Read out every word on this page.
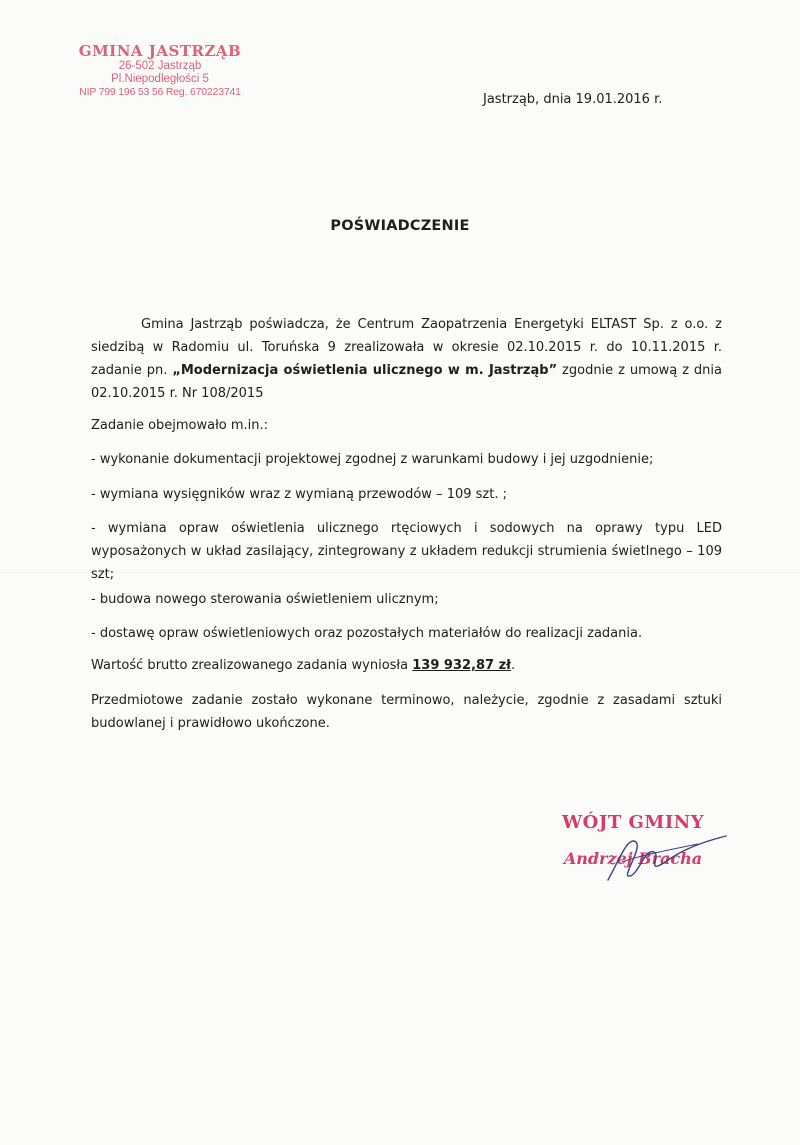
GMINA JASTRZĄB
26-502 Jastrząb
Pl.Niepodległości 5
NIP 799 196 53 56 Reg. 670223741	Jastrząb, dnia 19.01.2016 r.
POŚWIADCZENIE
Gmina Jastrząb poświadcza, że Centrum Zaopatrzenia Energetyki ELTAST Sp. z o.o. z siedzibą w Radomiu ul. Toruńska 9 zrealizowała w okresie 02.10.2015 r. do 10.11.2015 r. zadanie pn. „Modernizacja oświetlenia ulicznego w m. Jastrząb” zgodnie z umową z dnia 02.10.2015 r. Nr 108/2015
Zadanie obejmowało m.in.:
- wykonanie dokumentacji projektowej zgodnej z warunkami budowy i jej uzgodnienie;
- wymiana wysięgników wraz z wymianą przewodów – 109 szt. ;
- wymiana opraw oświetlenia ulicznego rtęciowych i sodowych na oprawy typu LED wyposażonych w układ zasilający, zintegrowany z układem redukcji strumienia świetlnego – 109 szt;
- budowa nowego sterowania oświetleniem ulicznym;
- dostawę opraw oświetleniowych oraz pozostałych materiałów do realizacji zadania.
Wartość brutto zrealizowanego zadania wyniosła 139 932,87 zł.
Przedmiotowe zadanie zostało wykonane terminowo, należycie, zgodnie z zasadami sztuki budowlanej i prawidłowo ukończone.
WÓJT GMINY
Andrzej Bracha
